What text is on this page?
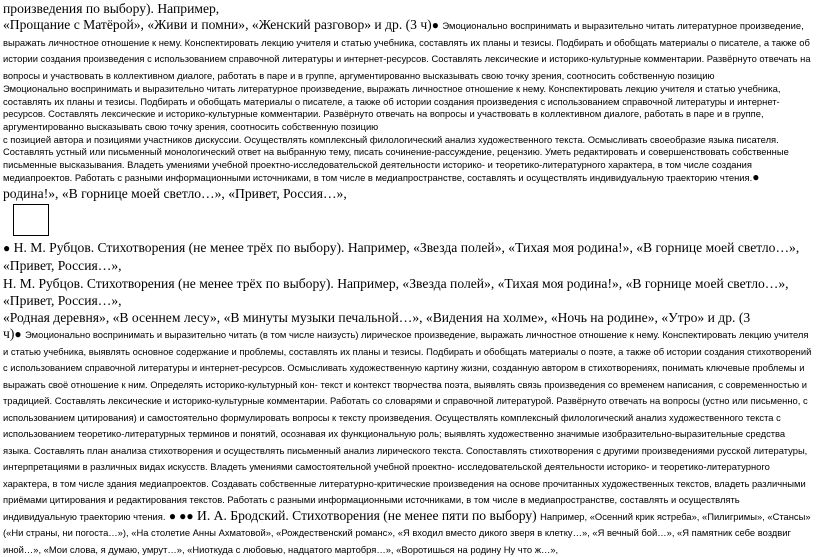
произведения по выбору). Например,

«Прощание с Матёрой», «Живи и помни», «Женский разговор» и др. (3 ч)● Эмоционально воспринимать и выразительно читать литературное произведение, выражать личностное отношение к нему. Конспектировать лекцию учителя и статью учебника, составлять их планы и тезисы. Подбирать и обобщать материалы о писателе, а также об истории создания произведения с использованием справочной литературы и интернет-ресурсов. Составлять лексические и историко-культурные комментарии. Развёрнуто отвечать на вопросы и участвовать в коллективном диалоге, работать в паре и в группе, аргументированно высказывать свою точку зрения, соотносить собственную позицию

Эмоционально воспринимать и выразительно читать литературное произведение, выражать личностное отношение к нему. Конспектировать лекцию учителя и статью учебника, составлять их планы и тезисы. Подбирать и обобщать материалы о писателе, а также об истории создания произведения с использованием справочной литературы и интернет-ресурсов. Составлять лексические и историко-культурные комментарии. Развёрнуто отвечать на вопросы и участвовать в коллективном диалоге, работать в паре и в группе, аргументированно высказывать свою точку зрения, соотносить собственную позицию

с позицией автора и позициями участников дискуссии. Осуществлять комплексный филологический анализ художественного текста. Осмысливать своеобразие языка писателя. Составлять устный или письменный монологический ответ на выбранную тему, писать сочинение-рассуждение, рецензию. Уметь редактировать и совершенствовать собственные письменные высказывания. Владеть умениями учебной проектно-исследовательской деятельности историко- и теоретико-литературного характера, в том числе создания медиапроектов. Работать с разными информационными источниками, в том числе в медиапространстве, составлять и осуществлять индивидуальную траекторию чтения.●

родина!», «В горнице моей светло…», «Привет, Россия…»,

● Н. М. Рубцов. Стихотворения (не менее трёх по выбору). Например, «Звезда полей», «Тихая моя родина!», «В горнице моей светло…», «Привет, Россия…»,

Н. М. Рубцов. Стихотворения (не менее трёх по выбору). Например, «Звезда полей», «Тихая моя родина!», «В горнице моей светло…», «Привет, Россия…»,

«Родная деревня», «В осеннем лесу», «В минуты музыки печальной…», «Видения на холме», «Ночь на родине», «Утро» и др. (3

ч)● Эмоционально воспринимать и выразительно читать (в том числе наизусть) лирическое произведение, выражать личностное отношение к нему. Конспектировать лекцию учителя и статью учебника, выявлять основное содержание и проблемы, составлять их планы и тезисы. Подбирать и обобщать материалы о поэте, а также об истории создания стихотворений с использованием справочной литературы и интернет-ресурсов. Осмысливать художественную картину жизни, созданную автором в стихотворениях, понимать ключевые проблемы и выражать своё отношение к ним. Определять историко-культурный кон- текст и контекст творчества поэта, выявлять связь произведения со временем написания, с современностью и традицией. Составлять лексические и историко-культурные комментарии. Работать со словарями и справочной литературой. Развёрнуто отвечать на вопросы (устно или письменно, с использованием цитирования) и самостоятельно формулировать вопросы к тексту произведения. Осуществлять комплексный филологический анализ художественного текста с использованием теоретико-литературных терминов и понятий, осознавая их функциональную роль; выявлять художественно значимые изобразительно-выразительные средства языка. Составлять план анализа стихотворения и осуществлять письменный анализ лирического текста. Сопоставлять стихотворения с другими произведениями русской литературы, интерпретациями в различных видах искусств. Владеть умениями самостоятельной учебной проектно- исследовательской деятельности историко- и теоретико-литературного характера, в том числе здания медиапроектов. Создавать собственные литературно-критические произведения на основе прочитанных художественных текстов, владеть различными приёмами цитирования и редактирования текстов. Работать с разными информационными источниками, в том числе в медиапространстве, составлять и осуществлять индивидуальную траекторию чтения. ● ●● И. А. Бродский. Стихотворения (не менее пяти по выбору) Например, «Осенний крик ястреба», «Пилигримы», «Стансы» («Ни страны, ни погоста…»), «На столетие Анны Ахматовой», «Рождественский романс», «Я входил вместо дикого зверя в клетку…», «Я вечный бой…», «Я памятник себе воздвиг иной…», «Мои слова, я думаю, умрут…», «Ниоткуда с любовью, надцатого мартобря…», «Воротишься на родину Ну что ж…»,
